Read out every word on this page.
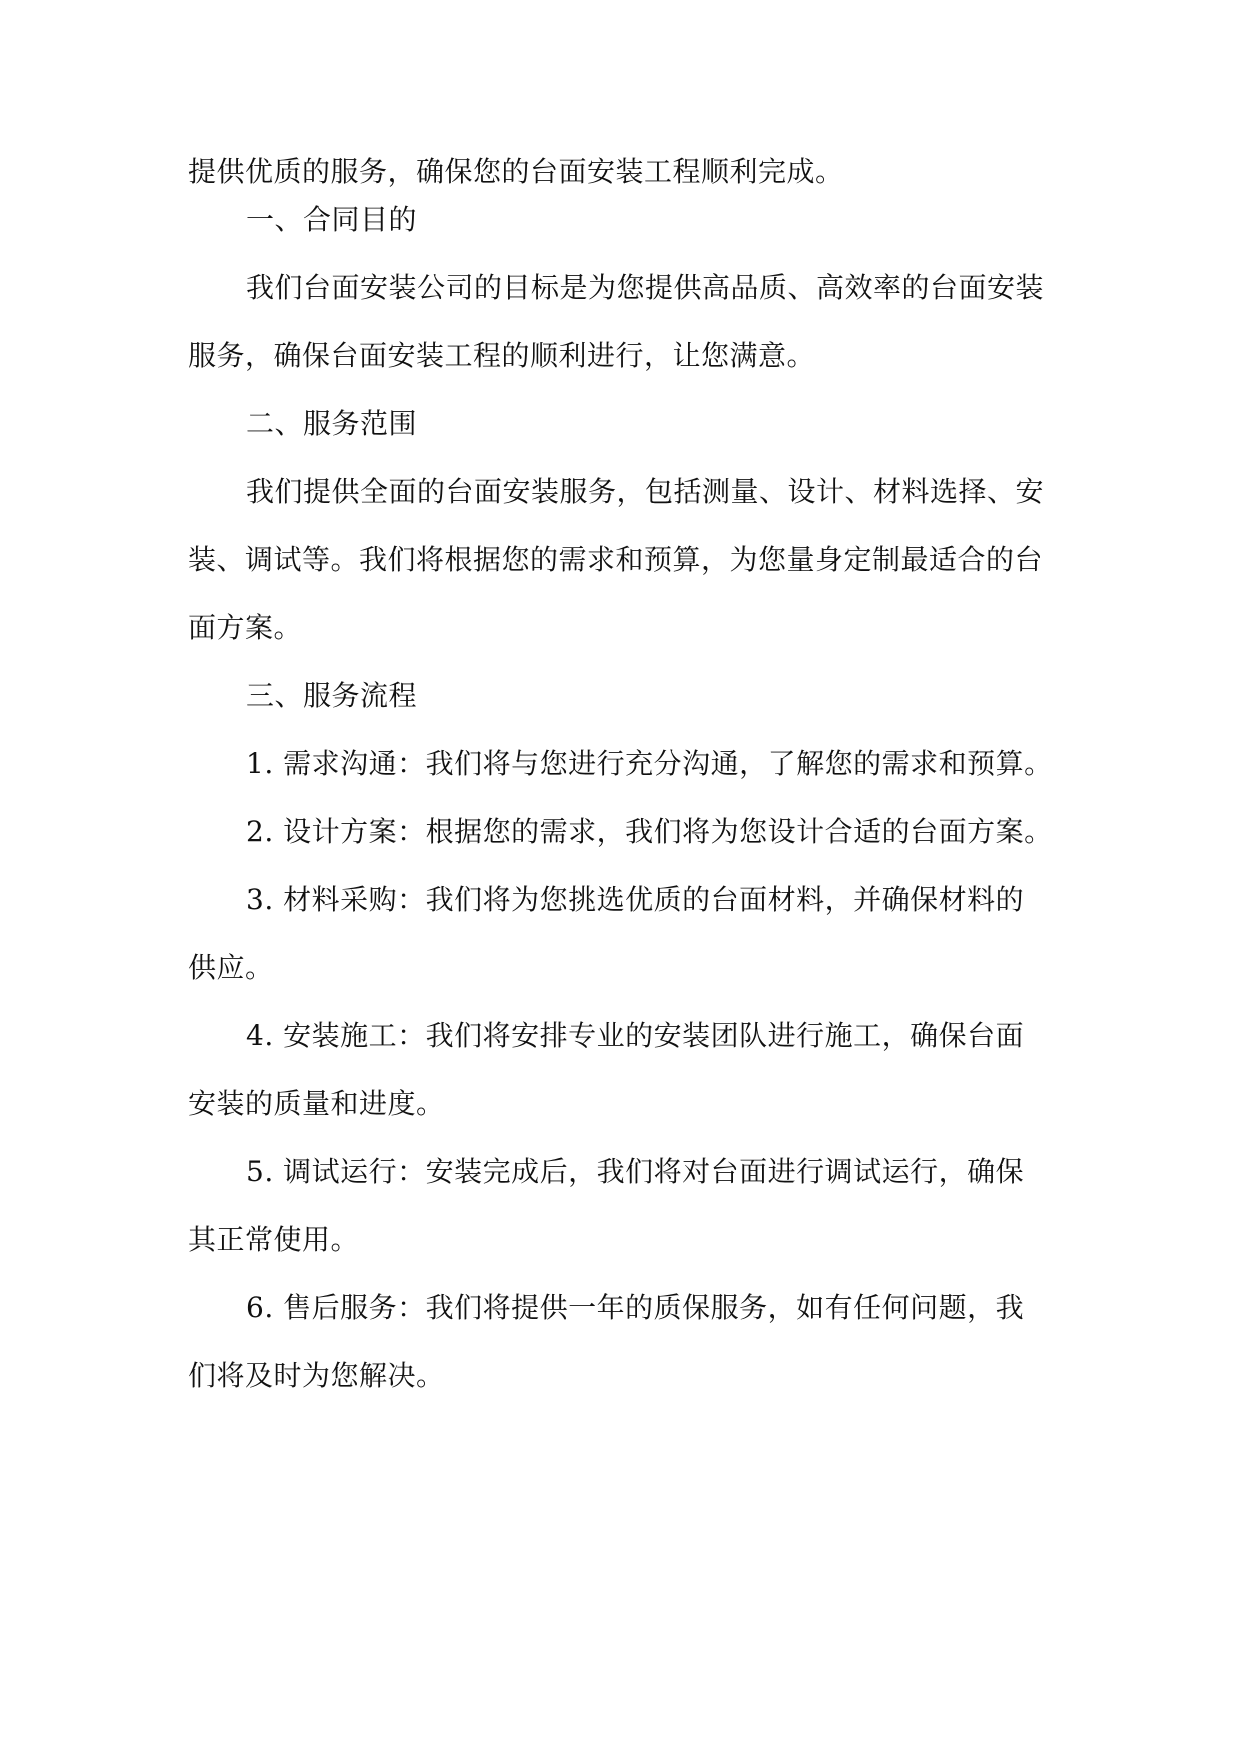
提供优质的服务，确保您的台面安装工程顺利完成。
一、合同目的
我们台面安装公司的目标是为您提供高品质、高效率的台面安装
服务，确保台面安装工程的顺利进行，让您满意。
二、服务范围
我们提供全面的台面安装服务，包括测量、设计、材料选择、安
装、调试等。我们将根据您的需求和预算，为您量身定制最适合的台
面方案。
三、服务流程
1. 需求沟通：我们将与您进行充分沟通，了解您的需求和预算。
2. 设计方案：根据您的需求，我们将为您设计合适的台面方案。
3. 材料采购：我们将为您挑选优质的台面材料，并确保材料的
供应。
4. 安装施工：我们将安排专业的安装团队进行施工，确保台面
安装的质量和进度。
5. 调试运行：安装完成后，我们将对台面进行调试运行，确保
其正常使用。
6. 售后服务：我们将提供一年的质保服务，如有任何问题，我
们将及时为您解决。
